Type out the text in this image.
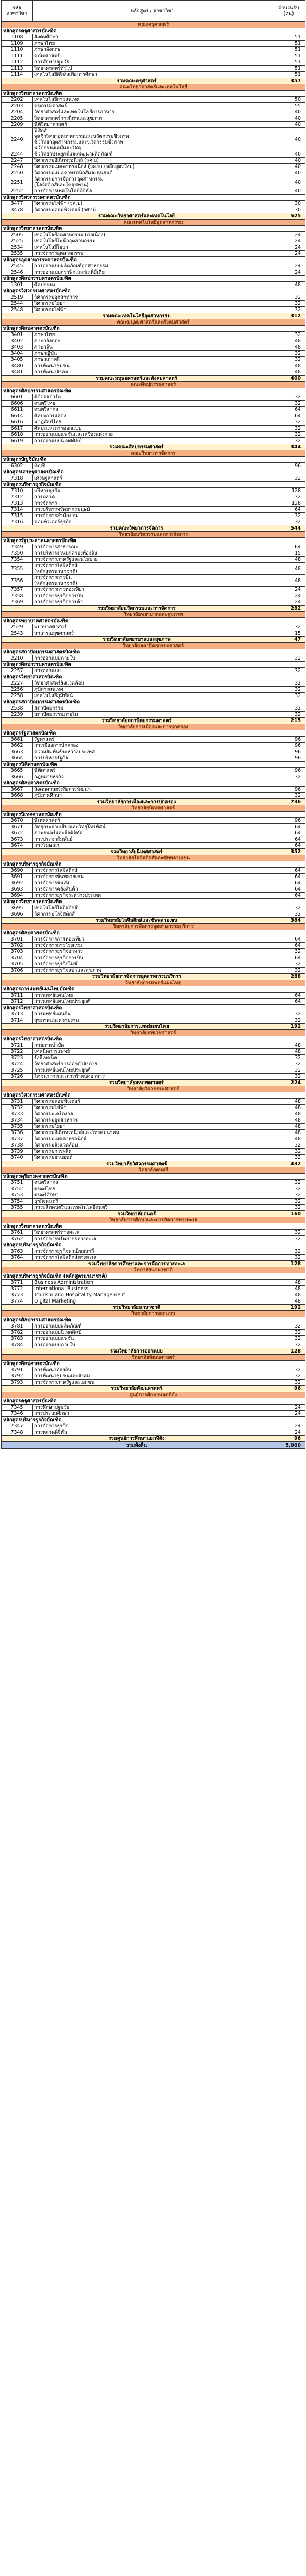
รหัส
สาขาวิชา	หลักสูตร / สาขาวิชา	จำนวนรับ
(คน)
คณะครุศาสตร์		
หลักสูตรครุศาสตรบัณฑิต		
1108	สังคมศึกษา	51
1109	ภาษาไทย	51
1110	ภาษาอังกฤษ	51
1111	คณิตศาสตร์	51
1112	การศึกษาปฐมวัย	51
1113	วิทยาศาสตร์ทั่วไป	51
1114	เทคโนโลยีดิจิทัลเพื่อการศึกษา	51
รวมคณะครุศาสตร์		357
คณะวิทยาศาสตร์และเทคโนโลยี		
หลักสูตรวิทยาศาสตรบัณฑิต		
2202	เทคโนโลยีสารสนเทศ	50
2203	คหกรรมศาสตร์	55
2204	วิทยาศาสตร์และเทคโนโลยีการอาหาร	40
2205	วิทยาศาสตร์การกีฬาและสุขภาพ	40
2209	นิติวิทยาศาสตร์	40
2240	ฟิสิกส์
จุลชีววิทยาอุตสาหกรรมและนวัตกรรมชีวภาพ
ชีววิทยาอุตสาหกรรมและนวัตกรรมชีวภาพ
นวัตกรรมเคมีและวัสดุ	40
2244	ชีววิทยาประยุกต์และพัฒนาผลิตภัณฑ์	40
2247	วิศวกรรมอิเล็กทรอนิกส์ (วศ.บ)	40
2248	วิศวกรรมเมคคาทรอนิกส์ (วศ.บ) (หลักสูตรใหม่)	40
2250	วิศวกรรมแมคคาทรอนิกส์และหุ่นยนต์	40
2251	วิศวกรรมการจัดการอุตสาหกรรม
(โลจิสติกส์และโซ่อุปทาน)	40
2252	การจัดการเทคโนโลยีดิจิทัล	40
หลักสูตรวิศวกรรมศาสตรบัณฑิต		
3477	วิศวกรรมไฟฟ้า (วศ.บ)	30
3478	วิศวกรรมคอมพิวเตอร์ (วศ.บ)	30
รวมคณะวิทยาศาสตร์และเทคโนโลยี		525
คณะเทคโนโลยีอุตสาหกรรม		
หลักสูตรวิทยาศาสตรบัณฑิต		
2505	เทคโนโลยีอุตสาหกรรม (ต่อเนื่อง)	24
2525	เทคโนโลยีไฟฟ้าอุตสาหกรรม	24
2534	เทคโนโลยีโยธา	24
2535	การจัดการอุตสาหกรรม	24
หลักสูตรอุตสาหกรรมศาสตรบัณฑิต		
2545	การออกแบบผลิตภัณฑ์อุตสาหกรรม	24
2546	การออกแบบกราฟิกและมัลติมีเดีย	24
หลักสูตรศิลปกรรมศาสตรบัณฑิต		
1301	ศิลปกรรม	48
หลักสูตรวิศวกรรมศาสตรบัณฑิต		
2519	วิศวกรรมอุตสาหการ	32
2544	วิศวกรรมโยธา	32
2548	วิศวกรรมไฟฟ้า	32
รวมคณะเทคโนโลยีอุตสาหกรรม		312
คณะมนุษยศาสตร์และสังคมศาสตร์		
หลักสูตรศิลปศาสตรบัณฑิต		
3401	ภาษาไทย	32
3402	ภาษาอังกฤษ	48
3403	ภาษาจีน	48
3404	ภาษาญี่ปุ่น	32
3405	ภาษาเกาหลี	32
3480	การพัฒนาชุมชน	48
3481	การพัฒนาสังคม	48
รวมคณะมนุษยศาสตร์และสังคมศาสตร์		400
คณะศิลปกรรมศาสตร์		
หลักสูตรศิลปกรรมศาสตรบัณฑิต		
6601	ดิจิตอลอาร์ต	32
6606	ดนตรีไทย	32
6611	ดนตรีสากล	64
6614	ศิลปะการแสดง	64
6616	นาฏศิลป์ไทย	32
6617	ศิลปะและการออกแบบ	32
6618	การออกแบบแฟชั่นและเครื่องแต่งกาย	32
6619	การออกแบบนิเทศศิลป์	32
รวมคณะศิลปกรรมศาสตร์		344
คณะวิทยาการจัดการ		
หลักสูตรบัญชีบัณฑิต		
6302	บัญชี	96
หลักสูตรเศรษฐศาสตรบัณฑิต		
7318	เศรษฐศาสตร์	32
หลักสูตรบริหารธุรกิจบัณฑิต		
7310	บริหารธุรกิจ	128
7312	การตลาด	32
7313	การจัดการ	128
7314	การบริหารทรัพยากรมนุษย์	64
7315	การจัดการสำนักงาน	32
7316	คอมพิวเตอร์ธุรกิจ	32
รวมคณะวิทยาการจัดการ		544
วิทยาลัยนวัตกรรมและการจัดการ		
หลักสูตรรัฐประศาสนศาสตรบัณฑิต		
7349	การจัดการสาธารณะ	64
7350	การบริหารงานปกครองท้องถิ่น	15
7354	การจัดการภาครัฐและนโยบาย	48
7355	การจัดการโลจิสติกส์
(หลักสูตรนานาชาติ)	48
7356	การจัดการการบิน
(หลักสูตรนานาชาติ)	48
7357	การจัดการการท่องเที่ยว	24
7358	การจัดการธุรกิจการบิน	24
7369	การจัดการธุรกิจการค้า	24
รวมวิทยาลัยนวัตกรรมและการจัดการ		282
วิทยาลัยพยาบาลและสุขภาพ		
หลักสูตรพยาบาลศาสตรบัณฑิต		
2529	พยาบาลศาสตร์	32
2543	สาธารณสุขศาสตร์	15
รวมวิทยาลัยพยาบาลและสุขภาพ		47
วิทยาลัยสถาปัตยกรรมศาสตร์		
หลักสูตรสถาปัตยกรรมศาสตรบัณฑิต		
2210	การออกแบบภายใน	32
หลักสูตรศิลปกรรมศาสตรบัณฑิต		
2257	การออกแบบ	32
หลักสูตรวิทยาศาสตรบัณฑิต		
2227	วิทยาศาสตร์สิ่งแวดล้อม	32
2256	ภูมิสารสนเทศ	32
2258	เทคโนโลยีภูมิทัศน์	32
หลักสูตรสถาปัตยกรรมศาสตรบัณฑิต		
2538	สถาปัตยกรรม	32
2239	สถาปัตยกรรมภายใน	32
รวมวิทยาลัยสถาปัตยกรรมศาสตร์		215
วิทยาลัยการเมืองและการปกครอง		
หลักสูตรรัฐศาสตรบัณฑิต		
3661	รัฐศาสตร์	96
3662	การเมืองการปกครอง	96
3663	ความสัมพันธ์ระหว่างประเทศ	96
3664	การบริหารรัฐกิจ	96
หลักสูตรนิติศาสตรบัณฑิต		
3665	นิติศาสตร์	96
3666	กฎหมายธุรกิจ	32
หลักสูตรศิลปศาสตรบัณฑิต		
3667	สังคมศาสตร์เพื่อการพัฒนา	96
3668	ภูมิภาคศึกษา	32
รวมวิทยาลัยการเมืองและการปกครอง		736
วิทยาลัยนิเทศศาสตร์		
หลักสูตรนิเทศศาสตรบัณฑิต		
3670	นิเทศศาสตร์	96
3671	วิทยุกระจายเสียงและวิทยุโทรทัศน์	64
3672	ภาพยนตร์และสื่อดิจิทัล	64
3673	การประชาสัมพันธ์	64
3674	การโฆษณา	64
รวมวิทยาลัยนิเทศศาสตร์		352
วิทยาลัยโลจิสติกส์และซัพพลายเชน		
หลักสูตรบริหารธุรกิจบัณฑิต		
3690	การจัดการโลจิสติกส์	64
3691	การจัดการซัพพลายเชน	64
3692	การจัดการขนส่ง	64
3693	การจัดการคลังสินค้า	64
3694	การจัดการธุรกิจระหว่างประเทศ	64
หลักสูตรวิทยาศาสตรบัณฑิต		
3695	เทคโนโลยีโลจิสติกส์	32
3696	วิศวกรรมโลจิสติกส์	32
รวมวิทยาลัยโลจิสติกส์และซัพพลายเชน		384
วิทยาลัยการจัดการอุตสาหกรรมบริการ		
หลักสูตรศิลปศาสตรบัณฑิต		
3701	การจัดการการท่องเที่ยว	64
3702	การจัดการการโรงแรม	64
3703	การจัดการธุรกิจอาหาร	32
3704	การจัดการธุรกิจการบิน	64
3705	การจัดการธุรกิจไมซ์	32
3706	การจัดการธุรกิจสปาและสุขภาพ	32
รวมวิทยาลัยการจัดการอุตสาหกรรมบริการ		288
วิทยาลัยการแพทย์แผนไทย		
หลักสูตรการแพทย์แผนไทยบัณฑิต		
3711	การแพทย์แผนไทย	64
3712	การแพทย์แผนไทยประยุกต์	64
หลักสูตรวิทยาศาสตรบัณฑิต		
3713	การแพทย์แผนจีน	32
3714	สุขภาพและความงาม	32
รวมวิทยาลัยการแพทย์แผนไทย		192
วิทยาลัยสหเวชศาสตร์		
หลักสูตรวิทยาศาสตรบัณฑิต		
3721	กายภาพบำบัด	48
3722	เทคนิคการแพทย์	48
3723	รังสีเทคนิค	32
3724	วิทยาศาสตร์การออกกำลังกาย	32
3725	การแพทย์แผนไทยประยุกต์	32
3726	โภชนาการและการกำหนดอาหาร	32
รวมวิทยาลัยสหเวชศาสตร์		224
วิทยาลัยวิศวกรรมศาสตร์		
หลักสูตรวิศวกรรมศาสตรบัณฑิต		
3731	วิศวกรรมคอมพิวเตอร์	48
3732	วิศวกรรมไฟฟ้า	48
3733	วิศวกรรมเครื่องกล	48
3734	วิศวกรรมอุตสาหการ	48
3735	วิศวกรรมโยธา	48
3736	วิศวกรรมอิเล็กทรอนิกส์และโทรคมนาคม	48
3737	วิศวกรรมเมคคาทรอนิกส์	48
3738	วิศวกรรมสิ่งแวดล้อม	32
3739	วิศวกรรมการผลิต	32
3740	วิศวกรรมยานยนต์	32
รวมวิทยาลัยวิศวกรรมศาสตร์		432
วิทยาลัยดนตรี		
หลักสูตรดุริยางคศาสตรบัณฑิต		
3751	ดนตรีสากล	32
3752	ดนตรีไทย	32
3753	ดนตรีศึกษา	32
3754	ธุรกิจดนตรี	32
3755	การผลิตดนตรีและเทคโนโลยีดนตรี	32
รวมวิทยาลัยดนตรี		160
วิทยาลัยการศึกษาและการจัดการทางทะเล		
หลักสูตรวิทยาศาสตรบัณฑิต		
3761	วิทยาศาสตร์ทางทะเล	32
3762	การจัดการทรัพยากรทางทะเล	32
หลักสูตรบริหารธุรกิจบัณฑิต		
3763	การจัดการธุรกิจพาณิชยนาวี	32
3764	การจัดการโลจิสติกส์ทางทะเล	32
รวมวิทยาลัยการศึกษาและการจัดการทางทะเล		128
วิทยาลัยนานาชาติ		
หลักสูตรบริหารธุรกิจบัณฑิต (หลักสูตรนานาชาติ)		
3771	Business Administration	48
3772	International Business	48
3773	Tourism and Hospitality Management	48
3774	Digital Marketing	48
รวมวิทยาลัยนานาชาติ		192
วิทยาลัยการออกแบบ		
หลักสูตรศิลปกรรมศาสตรบัณฑิต		
3781	การออกแบบผลิตภัณฑ์	32
3782	การออกแบบนิเทศศิลป์	32
3783	การออกแบบแฟชั่น	32
3784	การออกแบบภายใน	32
รวมวิทยาลัยการออกแบบ		128
วิทยาลัยพัฒนศาสตร์		
หลักสูตรศิลปศาสตรบัณฑิต		
3791	การพัฒนาท้องถิ่น	32
3792	การพัฒนาชุมชนและสังคม	32
3793	การจัดการภาครัฐและเอกชน	32
รวมวิทยาลัยพัฒนศาสตร์		96
ศูนย์การศึกษานอกที่ตั้ง		
หลักสูตรครุศาสตรบัณฑิต		
7345	การศึกษาปฐมวัย	24
7346	การประถมศึกษา	24
หลักสูตรบริหารธุรกิจบัณฑิต		
7347	การจัดการธุรกิจ	24
7348	การตลาดดิจิทัล	24
รวมศูนย์การศึกษานอกที่ตั้ง		96
รวมทั้งสิ้น		5,000
